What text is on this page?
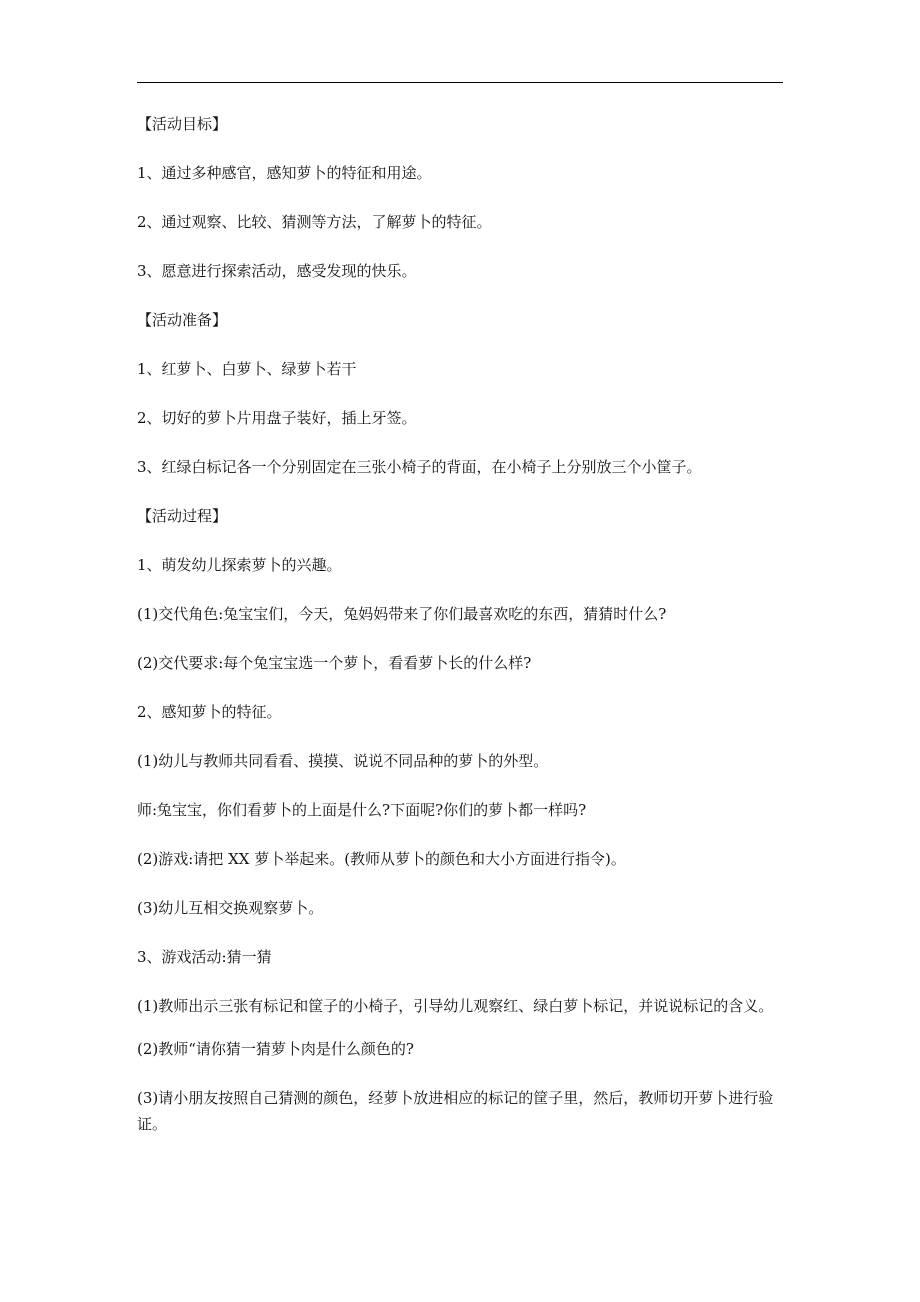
【活动目标】

1、通过多种感官，感知萝卜的特征和用途。

2、通过观察、比较、猜测等方法，了解萝卜的特征。

3、愿意进行探索活动，感受发现的快乐。

【活动准备】

1、红萝卜、白萝卜、绿萝卜若干

2、切好的萝卜片用盘子装好，插上牙签。

3、红绿白标记各一个分别固定在三张小椅子的背面，在小椅子上分别放三个小筐子。

【活动过程】

1、萌发幼儿探索萝卜的兴趣。

(1)交代角色:兔宝宝们，今天，兔妈妈带来了你们最喜欢吃的东西，猜猜时什么?

(2)交代要求:每个兔宝宝选一个萝卜，看看萝卜长的什么样?

2、感知萝卜的特征。

(1)幼儿与教师共同看看、摸摸、说说不同品种的萝卜的外型。

师:兔宝宝，你们看萝卜的上面是什么?下面呢?你们的萝卜都一样吗?

(2)游戏:请把 XX 萝卜举起来。(教师从萝卜的颜色和大小方面进行指令)。

(3)幼儿互相交换观察萝卜。

3、游戏活动:猜一猜

(1)教师出示三张有标记和筐子的小椅子，引导幼儿观察红、绿白萝卜标记，并说说标记的含义。

(2)教师“请你猜一猜萝卜肉是什么颜色的?

(3)请小朋友按照自己猜测的颜色，经萝卜放进相应的标记的筐子里，然后，教师切开萝卜进行验证。
